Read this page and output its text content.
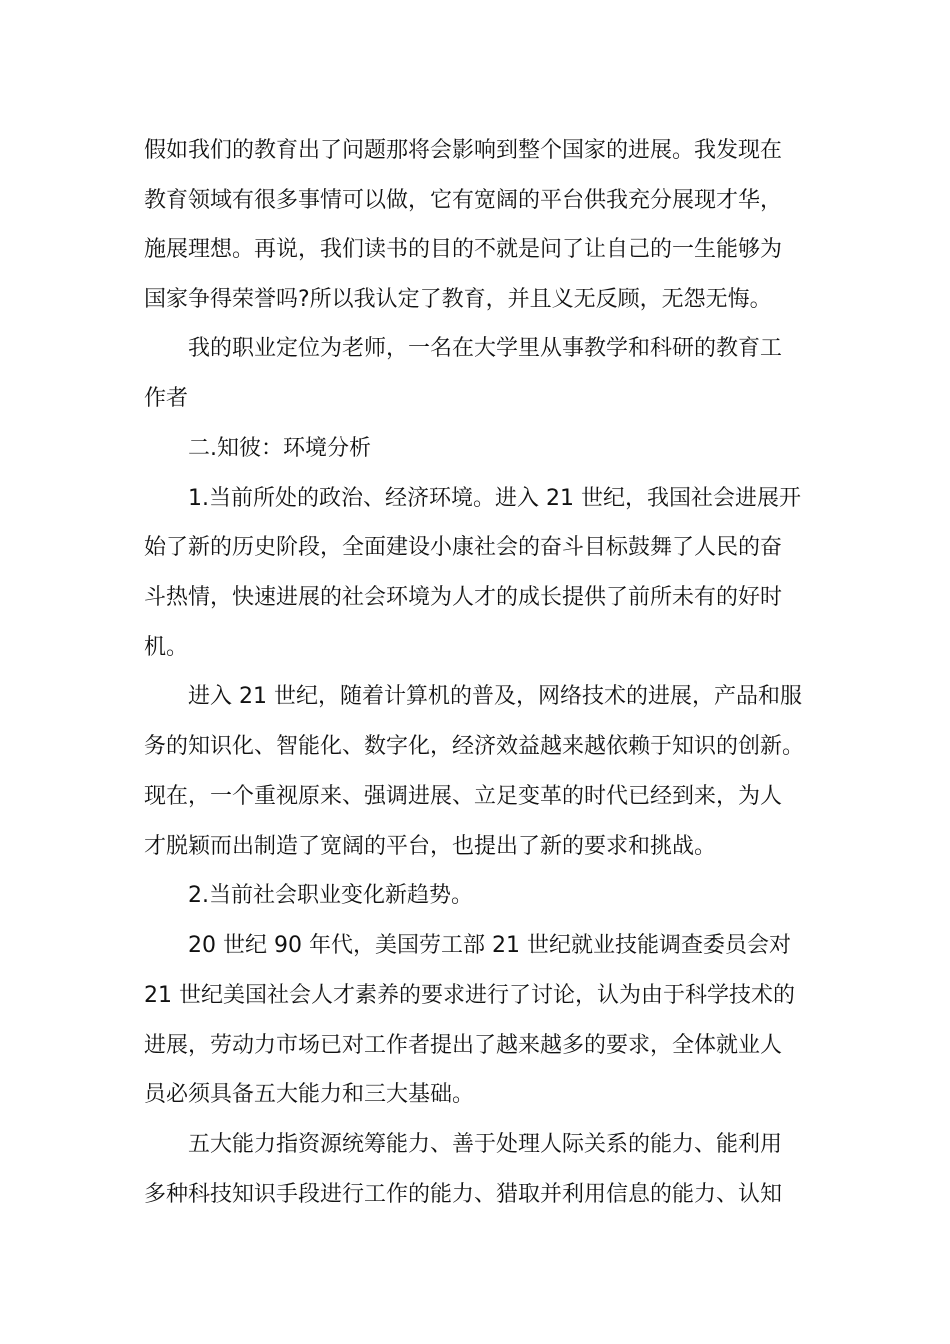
假如我们的教育出了问题那将会影响到整个国家的进展。我发现在
教育领域有很多事情可以做，它有宽阔的平台供我充分展现才华，
施展理想。再说，我们读书的目的不就是问了让自己的一生能够为
国家争得荣誉吗?所以我认定了教育，并且义无反顾，无怨无悔。
我的职业定位为老师，一名在大学里从事教学和科研的教育工
作者
二.知彼：环境分析
1.当前所处的政治、经济环境。进入 21 世纪，我国社会进展开
始了新的历史阶段，全面建设小康社会的奋斗目标鼓舞了人民的奋
斗热情，快速进展的社会环境为人才的成长提供了前所未有的好时
机。
进入 21 世纪，随着计算机的普及，网络技术的进展，产品和服
务的知识化、智能化、数字化，经济效益越来越依赖于知识的创新。
现在，一个重视原来、强调进展、立足变革的时代已经到来，为人
才脱颖而出制造了宽阔的平台，也提出了新的要求和挑战。
2.当前社会职业变化新趋势。
20 世纪 90 年代，美国劳工部 21 世纪就业技能调查委员会对
21 世纪美国社会人才素养的要求进行了讨论，认为由于科学技术的
进展，劳动力市场已对工作者提出了越来越多的要求，全体就业人
员必须具备五大能力和三大基础。
五大能力指资源统筹能力、善于处理人际关系的能力、能利用
多种科技知识手段进行工作的能力、猎取并利用信息的能力、认知
